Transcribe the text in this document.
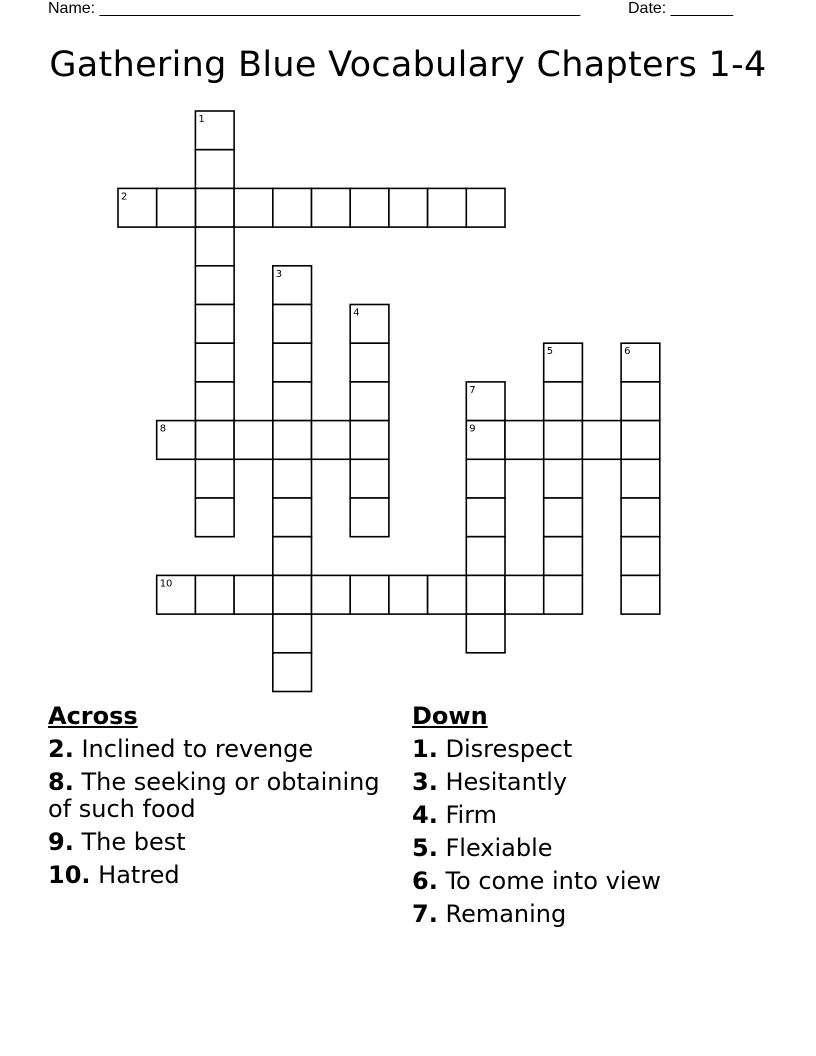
Name: ______________________________________________________	Date: _______
Gathering Blue Vocabulary Chapters 1-4
1
2
3
4
5	6
7
8	9
10
Across

2. Inclined to revenge

8. The seeking or obtaining of such food

9. The best

10. Hatred

Down

1. Disrespect

3. Hesitantly

4. Firm

5. Flexiable

6. To come into view

7. Remaning
